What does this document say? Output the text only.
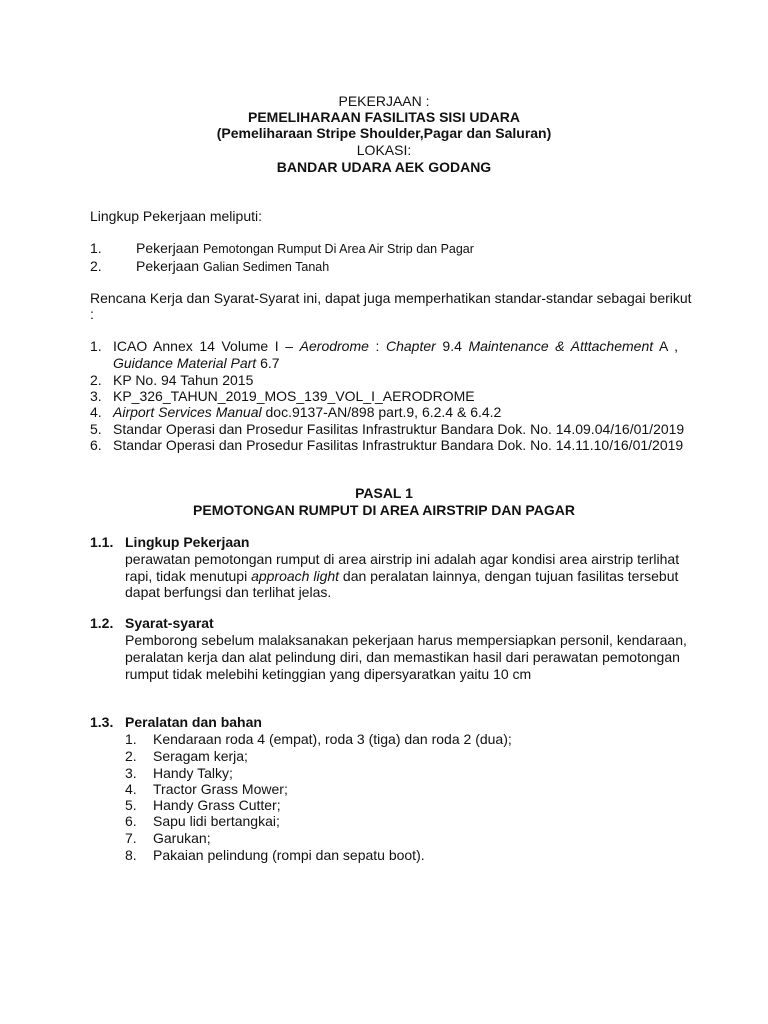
PEKERJAAN :
PEMELIHARAAN FASILITAS SISI UDARA
(Pemeliharaan Stripe Shoulder,Pagar dan Saluran)
LOKASI:
BANDAR UDARA AEK GODANG
Lingkup Pekerjaan meliputi:
1. Pekerjaan Pemotongan Rumput Di Area Air Strip dan Pagar
2. Pekerjaan Galian Sedimen Tanah
Rencana Kerja dan Syarat-Syarat ini, dapat juga memperhatikan standar-standar sebagai berikut
:
1. ICAO Annex 14 Volume I – Aerodrome : Chapter 9.4 Maintenance & Atttachement A ,
Guidance Material Part 6.7
2. KP No. 94 Tahun 2015
3. KP_326_TAHUN_2019_MOS_139_VOL_I_AERODROME
4. Airport Services Manual doc.9137-AN/898 part.9, 6.2.4 & 6.4.2
5. Standar Operasi dan Prosedur Fasilitas Infrastruktur Bandara Dok. No. 14.09.04/16/01/2019
6. Standar Operasi dan Prosedur Fasilitas Infrastruktur Bandara Dok. No. 14.11.10/16/01/2019
PASAL 1
PEMOTONGAN RUMPUT DI AREA AIRSTRIP DAN PAGAR
1.1. Lingkup Pekerjaan
perawatan pemotongan rumput di area airstrip ini adalah agar kondisi area airstrip terlihat
rapi, tidak menutupi approach light dan peralatan lainnya, dengan tujuan fasilitas tersebut
dapat berfungsi dan terlihat jelas.
1.2. Syarat-syarat
Pemborong sebelum malaksanakan pekerjaan harus mempersiapkan personil, kendaraan,
peralatan kerja dan alat pelindung diri, dan memastikan hasil dari perawatan pemotongan
rumput tidak melebihi ketinggian yang dipersyaratkan yaitu 10 cm
1.3. Peralatan dan bahan
1. Kendaraan roda 4 (empat), roda 3 (tiga) dan roda 2 (dua);
2. Seragam kerja;
3. Handy Talky;
4. Tractor Grass Mower;
5. Handy Grass Cutter;
6. Sapu lidi bertangkai;
7. Garukan;
8. Pakaian pelindung (rompi dan sepatu boot).
